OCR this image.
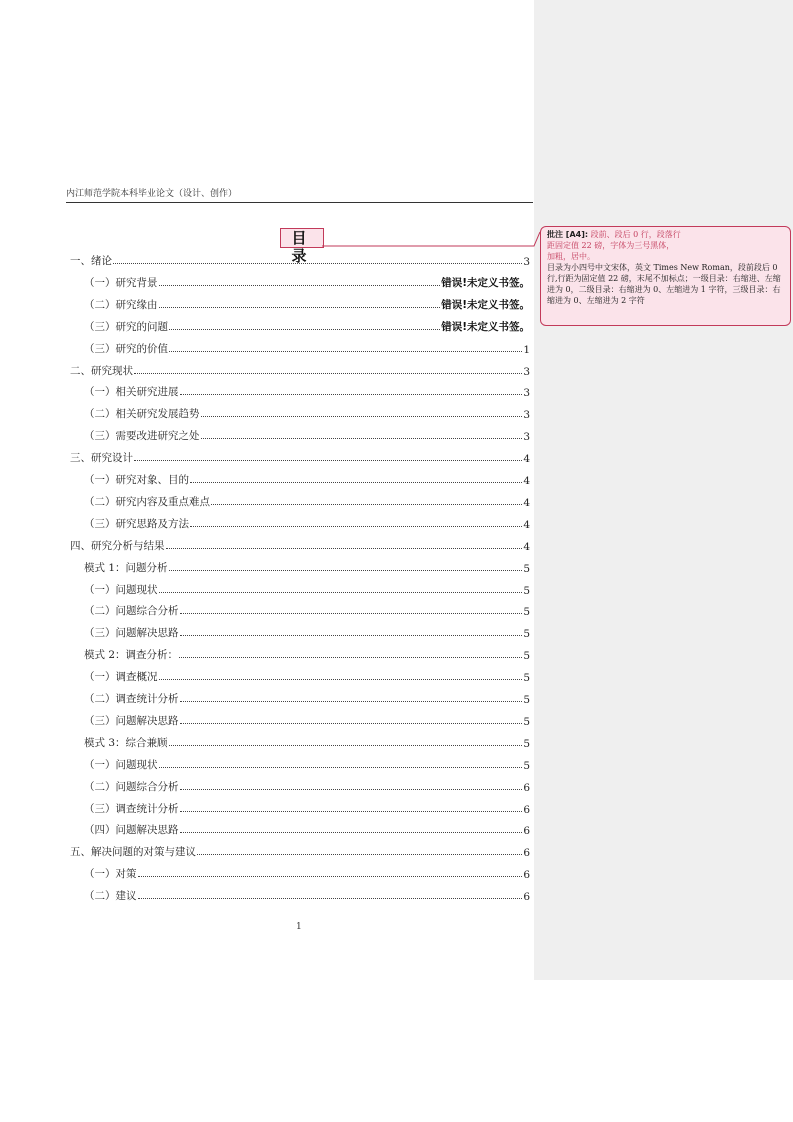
内江师范学院本科毕业论文（设计、创作）
目 录
一、绪论	3
（一）研究背景	错误!未定义书签。
（二）研究缘由	错误!未定义书签。
（三）研究的问题	错误!未定义书签。
（三）研究的价值	1
二、研究现状	3
（一）相关研究进展	3
（二）相关研究发展趋势	3
（三）需要改进研究之处	3
三、研究设计	4
（一）研究对象、目的	4
（二）研究内容及重点难点	4
（三）研究思路及方法	4
四、研究分析与结果	4
模式 1：问题分析	5
（一）问题现状	5
（二）问题综合分析	5
（三）问题解决思路	5
模式 2：调查分析：	5
（一）调查概况	5
（二）调查统计分析	5
（三）问题解决思路	5
模式 3：综合兼顾	5
（一）问题现状	5
（二）问题综合分析	6
（三）调查统计分析	6
（四）问题解决思路	6
五、解决问题的对策与建议	6
（一）对策	6
（二）建议	6
1
批注 [A4]: 段前、段后 0 行，段落行
距固定值 22 磅，字体为三号黑体，
加粗，居中。
目录为小四号中文宋体，英文 Times New Roman，段前段后 0 行,行距为固定值 22 磅，末尾不加标点；一级目录：右缩进、左缩进为 0，二级目录：右缩进为 0、左缩进为 1 字符，三级目录：右缩进为 0、左缩进为 2 字符
